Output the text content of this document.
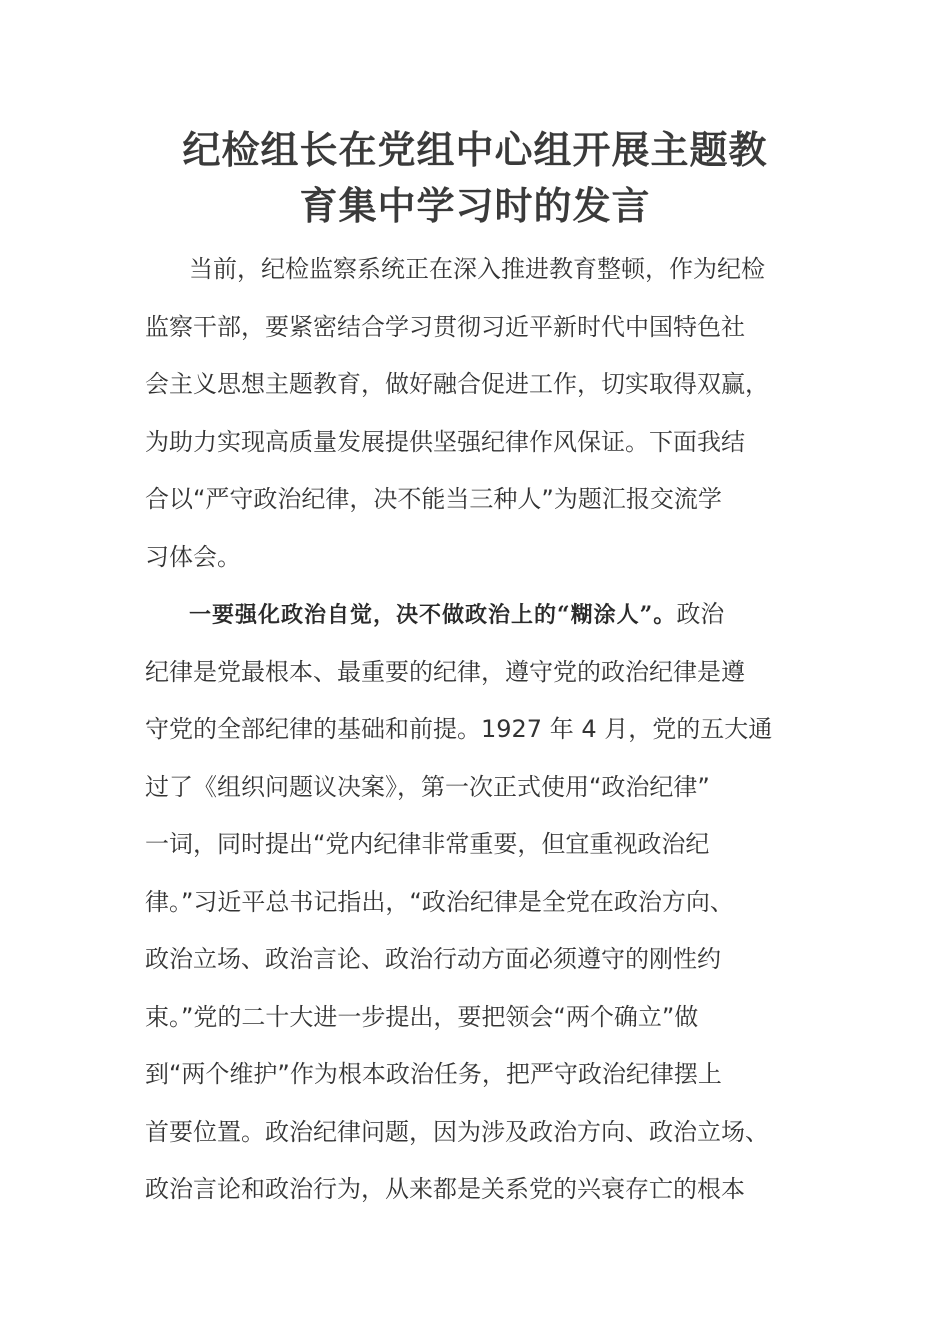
纪检组长在党组中心组开展主题教
育集中学习时的发言
当前，纪检监察系统正在深入推进教育整顿，作为纪检
监察干部，要紧密结合学习贯彻习近平新时代中国特色社
会主义思想主题教育，做好融合促进工作，切实取得双赢，
为助力实现高质量发展提供坚强纪律作风保证。下面我结
合以“严守政治纪律，决不能当三种人”为题汇报交流学
习体会。
一要强化政治自觉，决不做政治上的“糊涂人”。政治
纪律是党最根本、最重要的纪律，遵守党的政治纪律是遵
守党的全部纪律的基础和前提。1927 年 4 月，党的五大通
过了《组织问题议决案》，第一次正式使用“政治纪律”
一词，同时提出“党内纪律非常重要，但宜重视政治纪
律。”习近平总书记指出，“政治纪律是全党在政治方向、
政治立场、政治言论、政治行动方面必须遵守的刚性约
束。”党的二十大进一步提出，要把领会“两个确立”做
到“两个维护”作为根本政治任务，把严守政治纪律摆上
首要位置。政治纪律问题，因为涉及政治方向、政治立场、
政治言论和政治行为，从来都是关系党的兴衰存亡的根本
